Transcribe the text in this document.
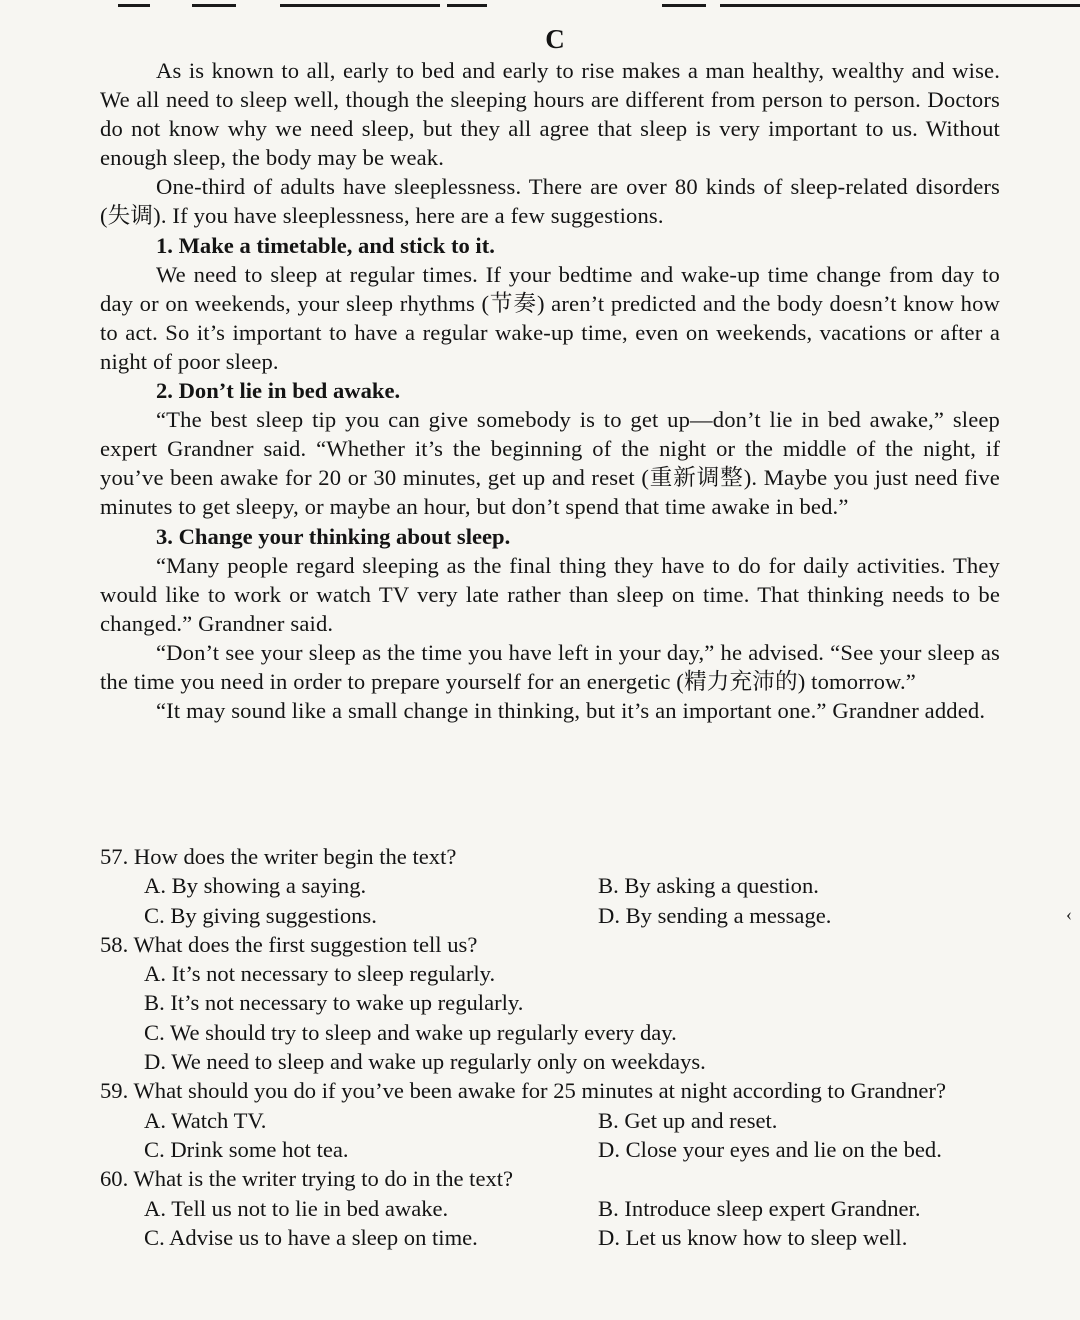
C

As is known to all, early to bed and early to rise makes a man healthy, wealthy and wise. We all need to sleep well, though the sleeping hours are different from person to person. Doctors do not know why we need sleep, but they all agree that sleep is very important to us. Without enough sleep, the body may be weak.

One-third of adults have sleeplessness. There are over 80 kinds of sleep-related disorders (失调). If you have sleeplessness, here are a few suggestions.

1. Make a timetable, and stick to it.

We need to sleep at regular times. If your bedtime and wake-up time change from day to day or on weekends, your sleep rhythms (节奏) aren’t predicted and the body doesn’t know how to act. So it’s important to have a regular wake-up time, even on weekends, vacations or after a night of poor sleep.

2. Don’t lie in bed awake.

“The best sleep tip you can give somebody is to get up—don’t lie in bed awake,” sleep expert Grandner said. “Whether it’s the beginning of the night or the middle of the night, if you’ve been awake for 20 or 30 minutes, get up and reset (重新调整). Maybe you just need five minutes to get sleepy, or maybe an hour, but don’t spend that time awake in bed.”

3. Change your thinking about sleep.

“Many people regard sleeping as the final thing they have to do for daily activities. They would like to work or watch TV very late rather than sleep on time. That thinking needs to be changed.” Grandner said.

“Don’t see your sleep as the time you have left in your day,” he advised. “See your sleep as the time you need in order to prepare yourself for an energetic (精力充沛的) tomorrow.”

“It may sound like a small change in thinking, but it’s an important one.” Grandner added.

57. How does the writer begin the text?

A. By showing a saying.	B. By asking a question.

C. By giving suggestions.	D. By sending a message.

58. What does the first suggestion tell us?

A. It’s not necessary to sleep regularly.

B. It’s not necessary to wake up regularly.

C. We should try to sleep and wake up regularly every day.

D. We need to sleep and wake up regularly only on weekdays.

59. What should you do if you’ve been awake for 25 minutes at night according to Grandner?

A. Watch TV.	B. Get up and reset.

C. Drink some hot tea.	D. Close your eyes and lie on the bed.

60. What is the writer trying to do in the text?

A. Tell us not to lie in bed awake.	B. Introduce sleep expert Grandner.

C. Advise us to have a sleep on time.	D. Let us know how to sleep well.

‹
